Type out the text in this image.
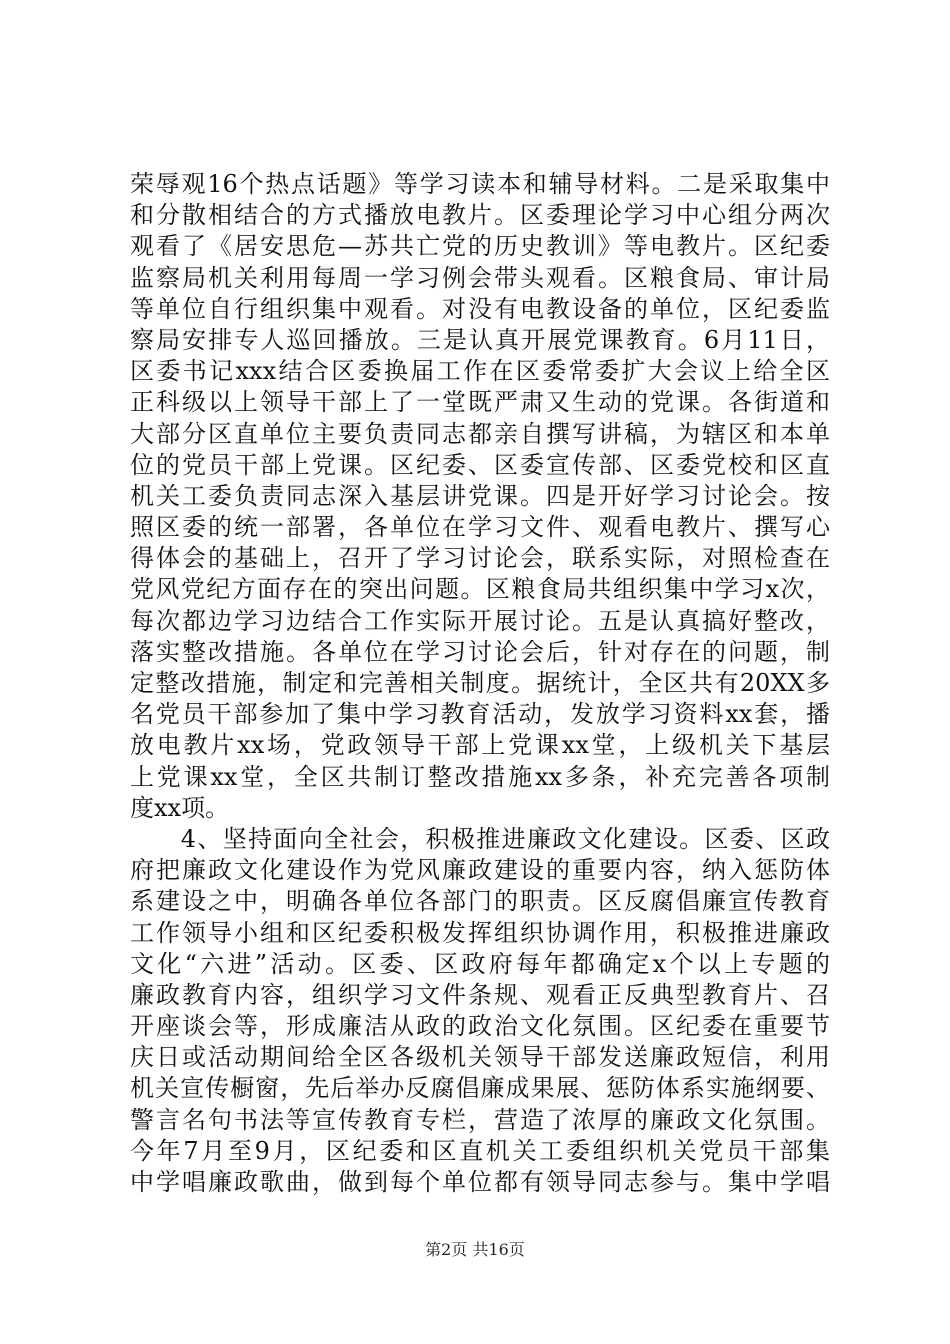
荣辱观16个热点话题》等学习读本和辅导材料。二是采取集中
和分散相结合的方式播放电教片。区委理论学习中心组分两次
观看了《居安思危—苏共亡党的历史教训》等电教片。区纪委
监察局机关利用每周一学习例会带头观看。区粮食局、审计局
等单位自行组织集中观看。对没有电教设备的单位，区纪委监
察局安排专人巡回播放。三是认真开展党课教育。6月11日，
区委书记xxx结合区委换届工作在区委常委扩大会议上给全区
正科级以上领导干部上了一堂既严肃又生动的党课。各街道和
大部分区直单位主要负责同志都亲自撰写讲稿，为辖区和本单
位的党员干部上党课。区纪委、区委宣传部、区委党校和区直
机关工委负责同志深入基层讲党课。四是开好学习讨论会。按
照区委的统一部署，各单位在学习文件、观看电教片、撰写心
得体会的基础上，召开了学习讨论会，联系实际，对照检查在
党风党纪方面存在的突出问题。区粮食局共组织集中学习x次，
每次都边学习边结合工作实际开展讨论。五是认真搞好整改，
落实整改措施。各单位在学习讨论会后，针对存在的问题，制
定整改措施，制定和完善相关制度。据统计，全区共有20XX多
名党员干部参加了集中学习教育活动，发放学习资料xx套，播
放电教片xx场，党政领导干部上党课xx堂，上级机关下基层
上党课xx堂，全区共制订整改措施xx多条，补充完善各项制
度xx项。
　　4、坚持面向全社会，积极推进廉政文化建设。区委、区政
府把廉政文化建设作为党风廉政建设的重要内容，纳入惩防体
系建设之中，明确各单位各部门的职责。区反腐倡廉宣传教育
工作领导小组和区纪委积极发挥组织协调作用，积极推进廉政
文化“六进”活动。区委、区政府每年都确定x个以上专题的
廉政教育内容，组织学习文件条规、观看正反典型教育片、召
开座谈会等，形成廉洁从政的政治文化氛围。区纪委在重要节
庆日或活动期间给全区各级机关领导干部发送廉政短信，利用
机关宣传橱窗，先后举办反腐倡廉成果展、惩防体系实施纲要、
警言名句书法等宣传教育专栏，营造了浓厚的廉政文化氛围。
今年7月至9月，区纪委和区直机关工委组织机关党员干部集
中学唱廉政歌曲，做到每个单位都有领导同志参与。集中学唱
第2页 共16页
